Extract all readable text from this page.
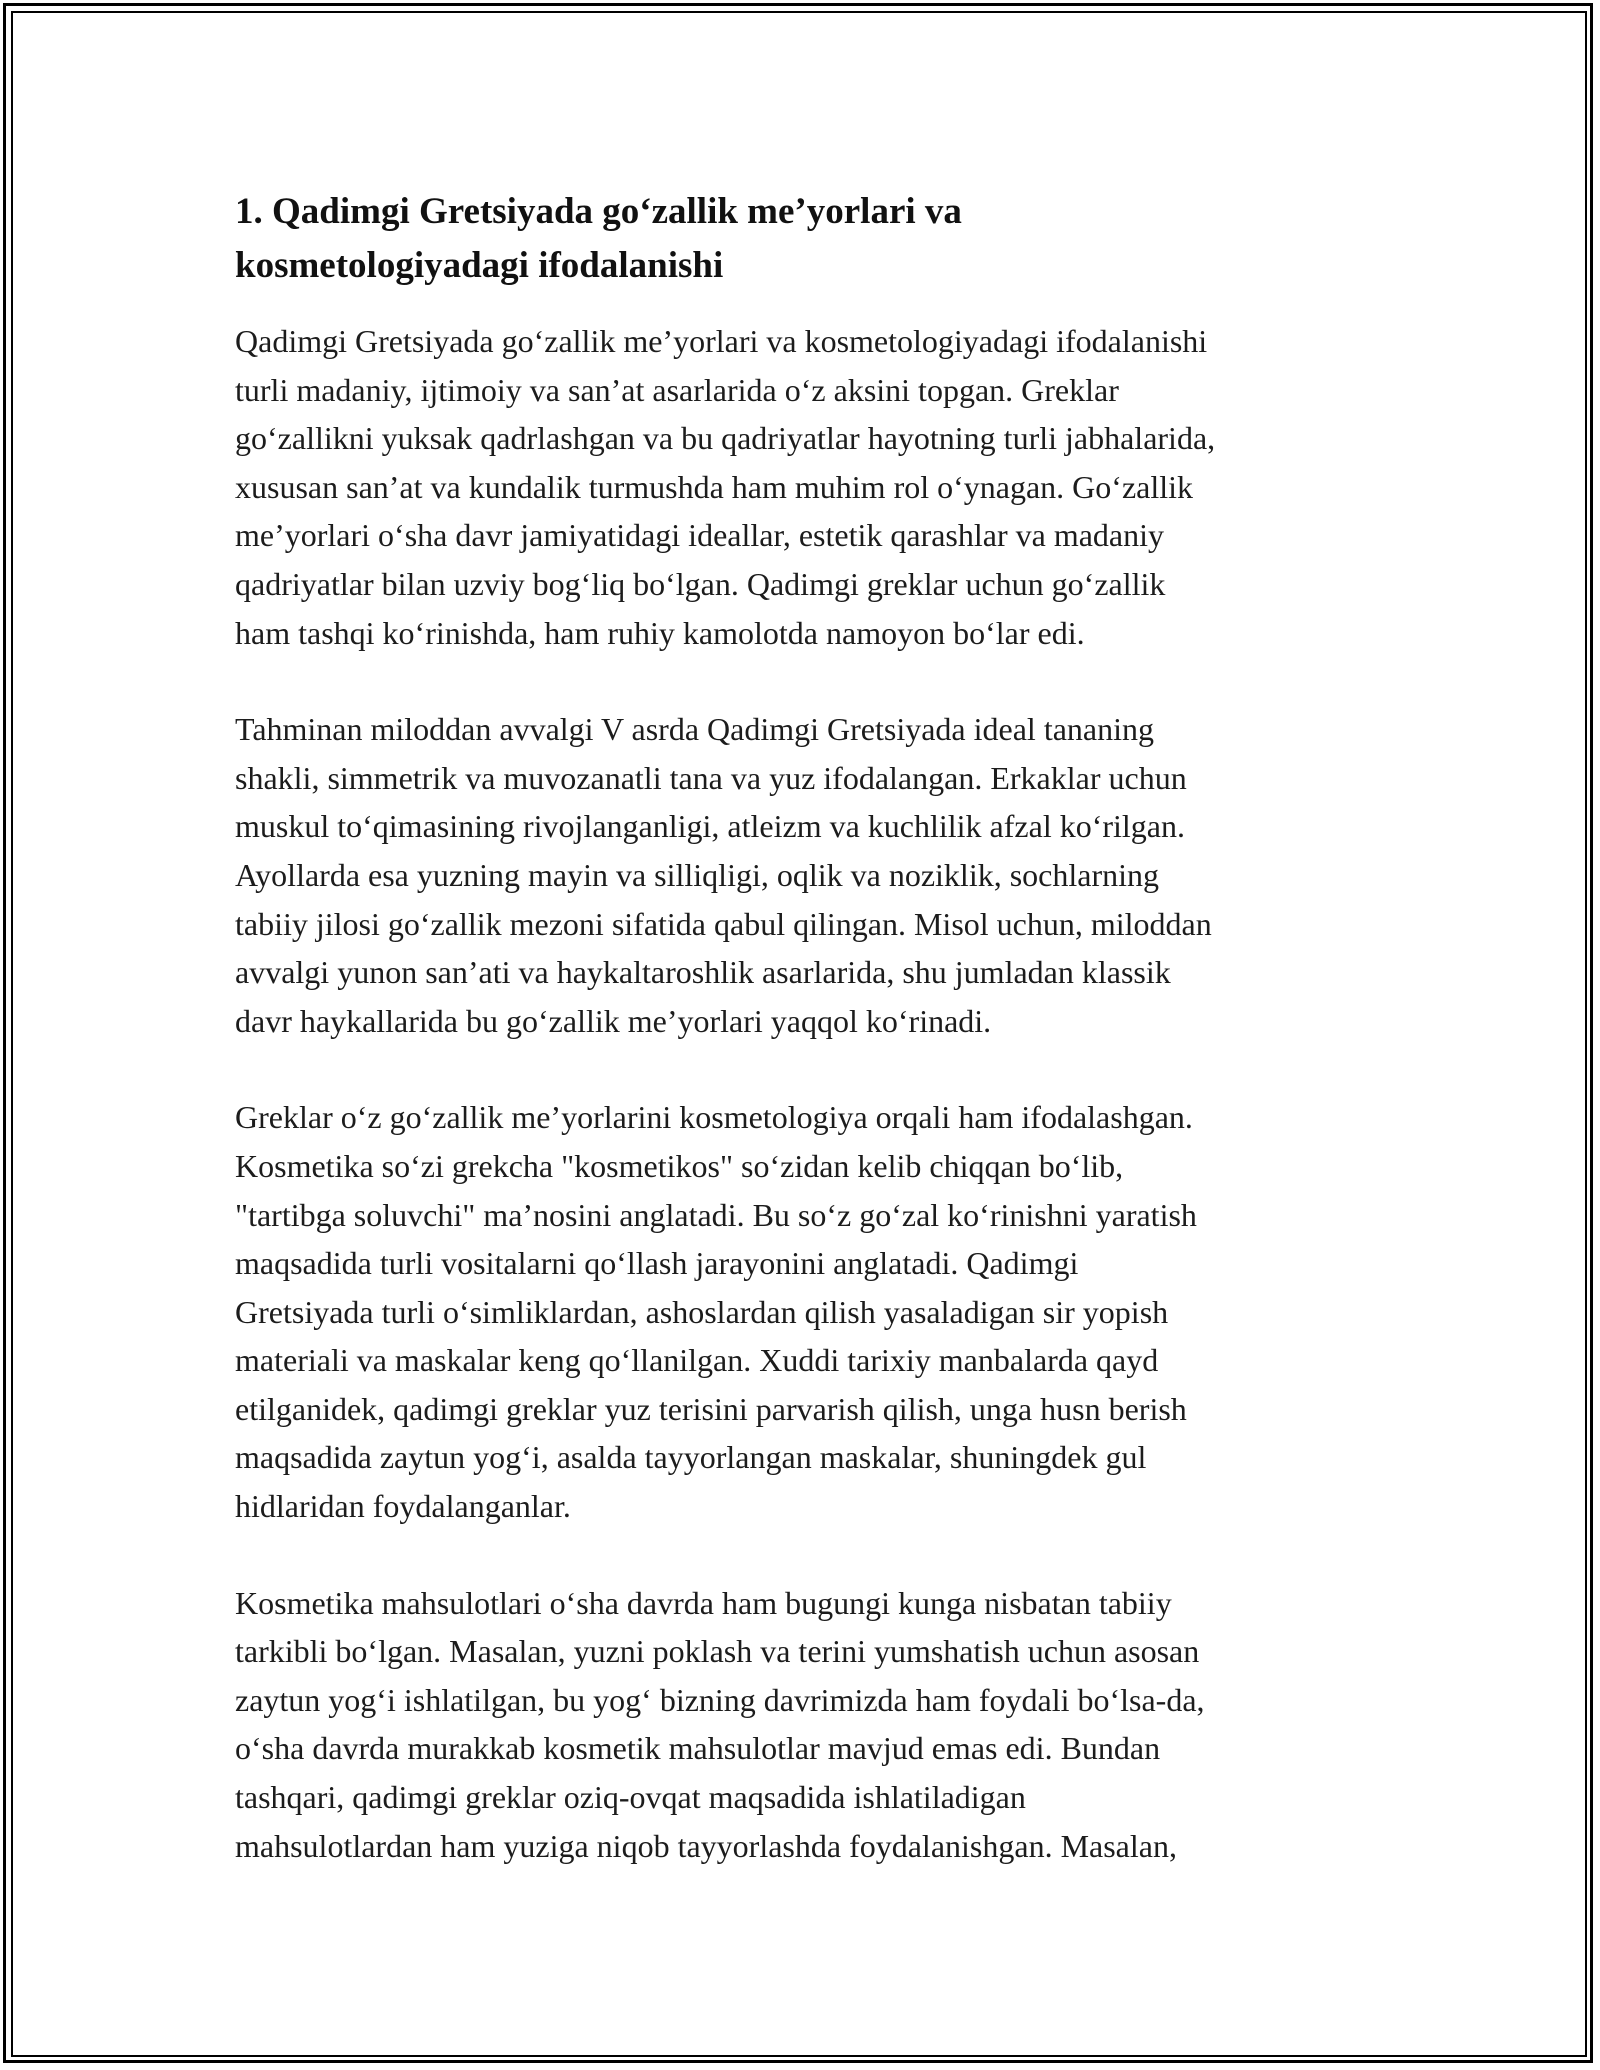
1. Qadimgi Gretsiyada go‘zallik me’yorlari va
kosmetologiyadagi ifodalanishi

Qadimgi Gretsiyada go‘zallik me’yorlari va kosmetologiyadagi ifodalanishi
turli madaniy, ijtimoiy va san’at asarlarida o‘z aksini topgan. Greklar
go‘zallikni yuksak qadrlashgan va bu qadriyatlar hayotning turli jabhalarida,
xususan san’at va kundalik turmushda ham muhim rol o‘ynagan. Go‘zallik
me’yorlari o‘sha davr jamiyatidagi ideallar, estetik qarashlar va madaniy
qadriyatlar bilan uzviy bog‘liq bo‘lgan. Qadimgi greklar uchun go‘zallik
ham tashqi ko‘rinishda, ham ruhiy kamolotda namoyon bo‘lar edi.

Tahminan miloddan avvalgi V asrda Qadimgi Gretsiyada ideal tananing
shakli, simmetrik va muvozanatli tana va yuz ifodalangan. Erkaklar uchun
muskul to‘qimasining rivojlanganligi, atleizm va kuchlilik afzal ko‘rilgan.
Ayollarda esa yuzning mayin va silliqligi, oqlik va noziklik, sochlarning
tabiiy jilosi go‘zallik mezoni sifatida qabul qilingan. Misol uchun, miloddan
avvalgi yunon san’ati va haykaltaroshlik asarlarida, shu jumladan klassik
davr haykallarida bu go‘zallik me’yorlari yaqqol ko‘rinadi.

Greklar o‘z go‘zallik me’yorlarini kosmetologiya orqali ham ifodalashgan.
Kosmetika so‘zi grekcha "kosmetikos" so‘zidan kelib chiqqan bo‘lib,
"tartibga soluvchi" ma’nosini anglatadi. Bu so‘z go‘zal ko‘rinishni yaratish
maqsadida turli vositalarni qo‘llash jarayonini anglatadi. Qadimgi
Gretsiyada turli o‘simliklardan, ashoslardan qilish yasaladigan sir yopish
materiali va maskalar keng qo‘llanilgan. Xuddi tarixiy manbalarda qayd
etilganidek, qadimgi greklar yuz terisini parvarish qilish, unga husn berish
maqsadida zaytun yog‘i, asalda tayyorlangan maskalar, shuningdek gul
hidlaridan foydalanganlar.

Kosmetika mahsulotlari o‘sha davrda ham bugungi kunga nisbatan tabiiy
tarkibli bo‘lgan. Masalan, yuzni poklash va terini yumshatish uchun asosan
zaytun yog‘i ishlatilgan, bu yog‘ bizning davrimizda ham foydali bo‘lsa-da,
o‘sha davrda murakkab kosmetik mahsulotlar mavjud emas edi. Bundan
tashqari, qadimgi greklar oziq-ovqat maqsadida ishlatiladigan
mahsulotlardan ham yuziga niqob tayyorlashda foydalanishgan. Masalan,
